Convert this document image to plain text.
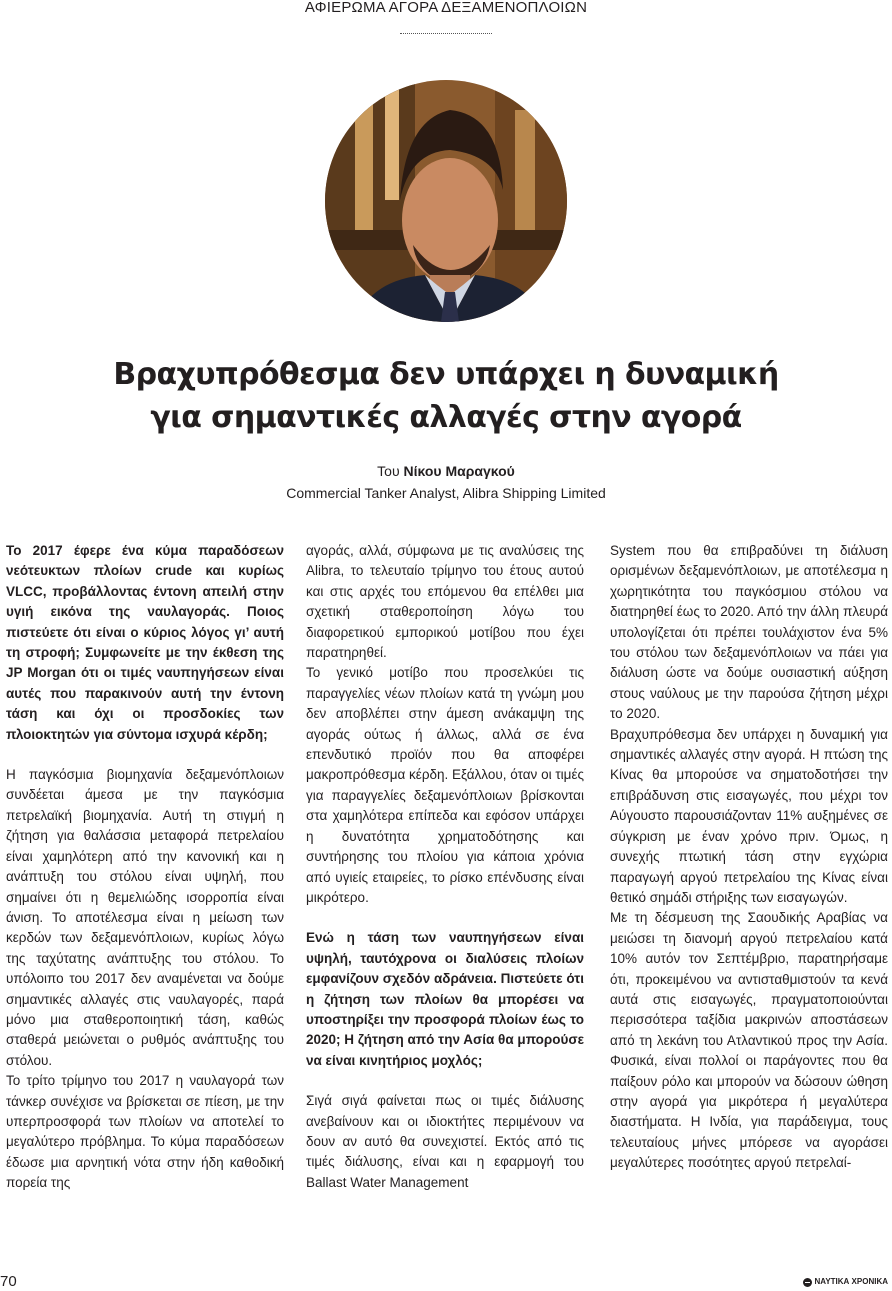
ΑΦΙΕΡΩΜΑ ΑΓΟΡΑ ΔΕΞΑΜΕΝΟΠΛΟΙΩΝ
Βραχυπρόθεσμα δεν υπάρχει η δυναμική
για σημαντικές αλλαγές στην αγορά
Του Νίκου Μαραγκού
Commercial Tanker Analyst, Alibra Shipping Limited

Το 2017 έφερε ένα κύμα παραδόσεων νεότευκτων πλοίων crude και κυρίως VLCC, προβάλλοντας έντονη απειλή στην υγιή εικόνα της ναυλαγοράς. Ποιος πιστεύετε ότι είναι ο κύριος λόγος γι’ αυτή τη στροφή; Συμφωνείτε με την έκθεση της JP Morgan ότι οι τιμές ναυπηγήσεων είναι αυτές που παρακινούν αυτή την έντονη τάση και όχι οι προσδοκίες των πλοιοκτητών για σύντομα ισχυρά κέρδη;

Η παγκόσμια βιομηχανία δεξαμενόπλοιων συνδέεται άμεσα με την παγκόσμια πετρελαϊκή βιομηχανία. Αυτή τη στιγμή η ζήτηση για θαλάσσια μεταφορά πετρελαίου είναι χαμηλότερη από την κανονική και η ανάπτυξη του στόλου είναι υψηλή, που σημαίνει ότι η θεμελιώδης ισορροπία είναι άνιση. Το αποτέλεσμα είναι η μείωση των κερδών των δεξαμενόπλοιων, κυρίως λόγω της ταχύτατης ανάπτυξης του στόλου. Το υπόλοιπο του 2017 δεν αναμένεται να δούμε σημαντικές αλλαγές στις ναυλαγορές, παρά μόνο μια σταθεροποιητική τάση, καθώς σταθερά μειώνεται ο ρυθμός ανάπτυξης του στόλου.

Το τρίτο τρίμηνο του 2017 η ναυλαγορά των τάνκερ συνέχισε να βρίσκεται σε πίεση, με την υπερπροσφορά των πλοίων να αποτελεί το μεγαλύτερο πρόβλημα. Το κύμα παραδόσεων έδωσε μια αρνητική νότα στην ήδη καθοδική πορεία της

αγοράς, αλλά, σύμφωνα με τις αναλύσεις της Alibra, το τελευταίο τρίμηνο του έτους αυτού και στις αρχές του επόμενου θα επέλθει μια σχετική σταθεροποίηση λόγω του διαφορετικού εμπορικού μοτίβου που έχει παρατηρηθεί.

Το γενικό μοτίβο που προσελκύει τις παραγγελίες νέων πλοίων κατά τη γνώμη μου δεν αποβλέπει στην άμεση ανάκαμψη της αγοράς ούτως ή άλλως, αλλά σε ένα επενδυτικό προϊόν που θα αποφέρει μακροπρόθεσμα κέρδη. Εξάλλου, όταν οι τιμές για παραγγελίες δεξαμενόπλοιων βρίσκονται στα χαμηλότερα επίπεδα και εφόσον υπάρχει η δυνατότητα χρηματοδότησης και συντήρησης του πλοίου για κάποια χρόνια από υγιείς εταιρείες, το ρίσκο επένδυσης είναι μικρότερο.

Ενώ η τάση των ναυπηγήσεων είναι υψηλή, ταυτόχρονα οι διαλύσεις πλοίων εμφανίζουν σχεδόν αδράνεια. Πιστεύετε ότι η ζήτηση των πλοίων θα μπορέσει να υποστηρίξει την προσφορά πλοίων έως το 2020; Η ζήτηση από την Ασία θα μπορούσε να είναι κινητήριος μοχλός;

Σιγά σιγά φαίνεται πως οι τιμές διάλυσης ανεβαίνουν και οι ιδιοκτήτες περιμένουν να δουν αν αυτό θα συνεχιστεί. Εκτός από τις τιμές διάλυσης, είναι και η εφαρμογή του Ballast Water Management

System που θα επιβραδύνει τη διάλυση ορισμένων δεξαμενόπλοιων, με αποτέλεσμα η χωρητικότητα του παγκόσμιου στόλου να διατηρηθεί έως το 2020. Από την άλλη πλευρά υπολογίζεται ότι πρέπει τουλάχιστον ένα 5% του στόλου των δεξαμενόπλοιων να πάει για διάλυση ώστε να δούμε ουσιαστική αύξηση στους ναύλους με την παρούσα ζήτηση μέχρι το 2020.

Βραχυπρόθεσμα δεν υπάρχει η δυναμική για σημαντικές αλλαγές στην αγορά. Η πτώση της Κίνας θα μπορούσε να σηματοδοτήσει την επιβράδυνση στις εισαγωγές, που μέχρι τον Αύγουστο παρουσιάζονταν 11% αυξημένες σε σύγκριση με έναν χρόνο πριν. Όμως, η συνεχής πτωτική τάση στην εγχώρια παραγωγή αργού πετρελαίου της Κίνας είναι θετικό σημάδι στήριξης των εισαγωγών.

Με τη δέσμευση της Σαουδικής Αραβίας να μειώσει τη διανομή αργού πετρελαίου κατά 10% αυτόν τον Σεπτέμβριο, παρατηρήσαμε ότι, προκειμένου να αντισταθμιστούν τα κενά αυτά στις εισαγωγές, πραγματοποιούνται περισσότερα ταξίδια μακρινών αποστάσεων από τη λεκάνη του Ατλαντικού προς την Ασία. Φυσικά, είναι πολλοί οι παράγοντες που θα παίξουν ρόλο και μπορούν να δώσουν ώθηση στην αγορά για μικρότερα ή μεγαλύτερα διαστήματα. Η Ινδία, για παράδειγμα, τους τελευταίους μήνες μπόρεσε να αγοράσει μεγαλύτερες ποσότητες αργού πετρελαί-

70	ΝΑΥΤΙΚΑ ΧΡΟΝΙΚΑ
